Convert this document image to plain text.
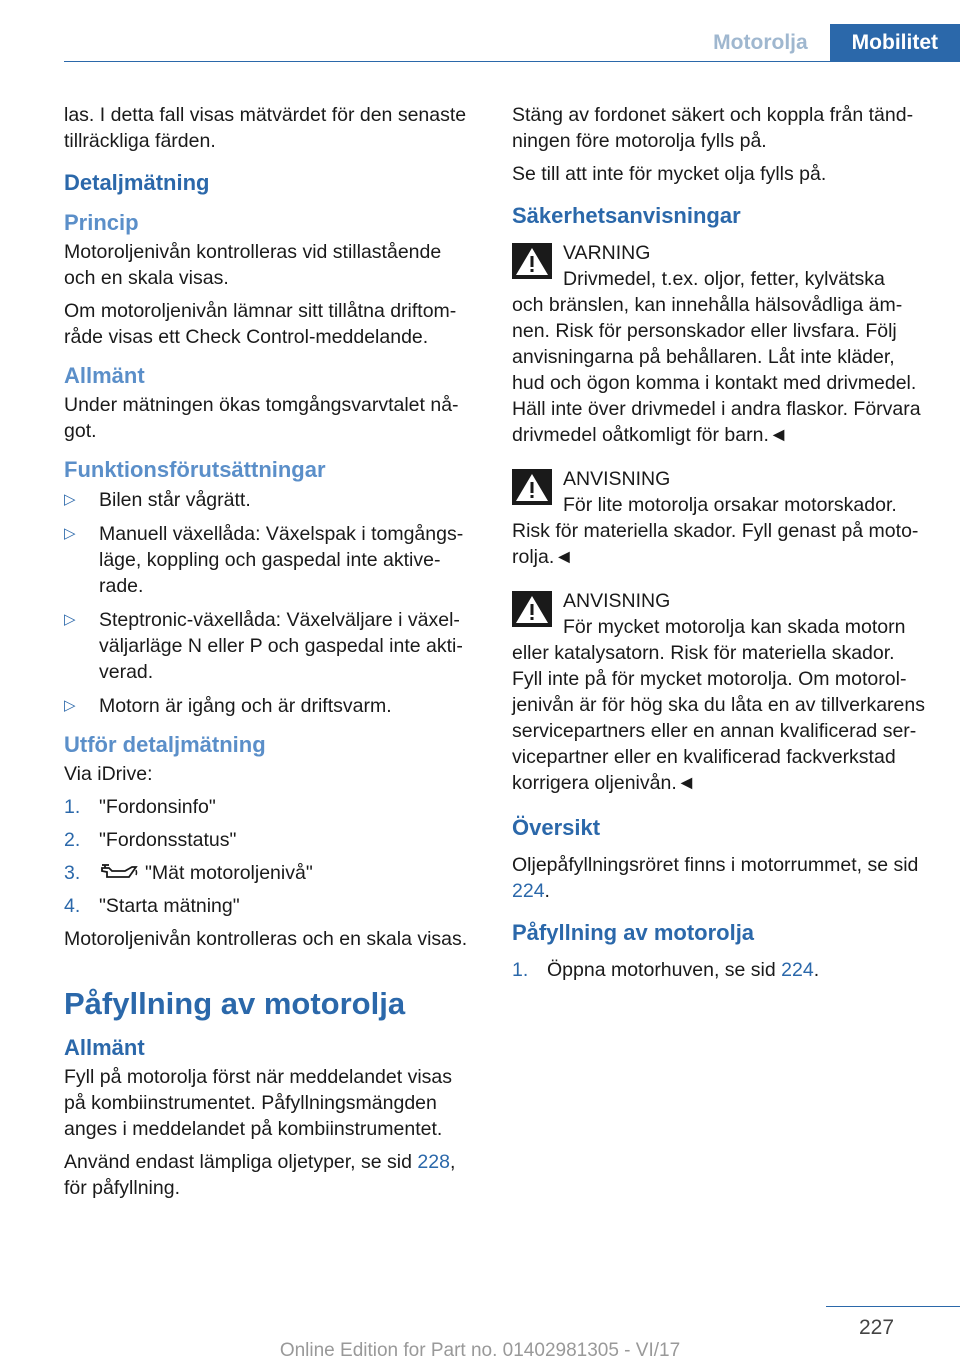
Motorolja	Mobilitet

las. I detta fall visas mätvärdet för den senaste tillräckliga färden.

Detaljmätning
Princip

Motoroljenivån kontrolleras vid stillastående och en skala visas.

Om motoroljenivån lämnar sitt tillåtna driftom‐råde visas ett Check Control-meddelande.

Allmänt

Under mätningen ökas tomgångsvarvtalet nå‐got.

Funktionsförutsättningar
▷ Bilen står vågrätt.
▷ Manuell växellåda: Växelspak i tomgångs‐läge, koppling och gaspedal inte aktive‐rade.
▷ Steptronic-växellåda: Växelväljare i växel‐väljarläge N eller P och gaspedal inte akti‐verad.
▷ Motorn är igång och är driftsvarm.
Utför detaljmätning

Via iDrive:

1. "Fordonsinfo"
2. "Fordonsstatus"
3.	"Mät motoroljenivå"
4. "Starta mätning"

Motoroljenivån kontrolleras och en skala visas.

Påfyllning av motorolja
Allmänt

Fyll på motorolja först när meddelandet visas på kombiinstrumentet. Påfyllningsmängden anges i meddelandet på kombiinstrumentet.

Använd endast lämpliga oljetyper, se sid 228, för påfyllning.

Stäng av fordonet säkert och koppla från tänd‐ningen före motorolja fylls på.

Se till att inte för mycket olja fylls på.

Säkerhetsanvisningar
VARNING
Drivmedel, t.ex. oljor, fetter, kylvätska
och bränslen, kan innehålla hälsovådliga äm‐nen. Risk för personskador eller livsfara. Följ anvisningarna på behållaren. Låt inte kläder, hud och ögon komma i kontakt med drivmedel. Häll inte över drivmedel i andra flaskor. Förvara drivmedel oåtkomligt för barn.◄
ANVISNING
För lite motorolja orsakar motorskador.
Risk för materiella skador. Fyll genast på moto‐rolja.◄
ANVISNING
För mycket motorolja kan skada motorn
eller katalysatorn. Risk för materiella skador. Fyll inte på för mycket motorolja. Om motorol‐jenivån är för hög ska du låta en av tillverkarens servicepartners eller en annan kvalificerad ser‐vicepartner eller en kvalificerad fackverkstad korrigera oljenivån.◄
Översikt

Oljepåfyllningsröret finns i motorrummet, se sid 224.

Påfyllning av motorolja
1. Öppna motorhuven, se sid 224.
227
Online Edition for Part no. 01402981305 - VI/17
